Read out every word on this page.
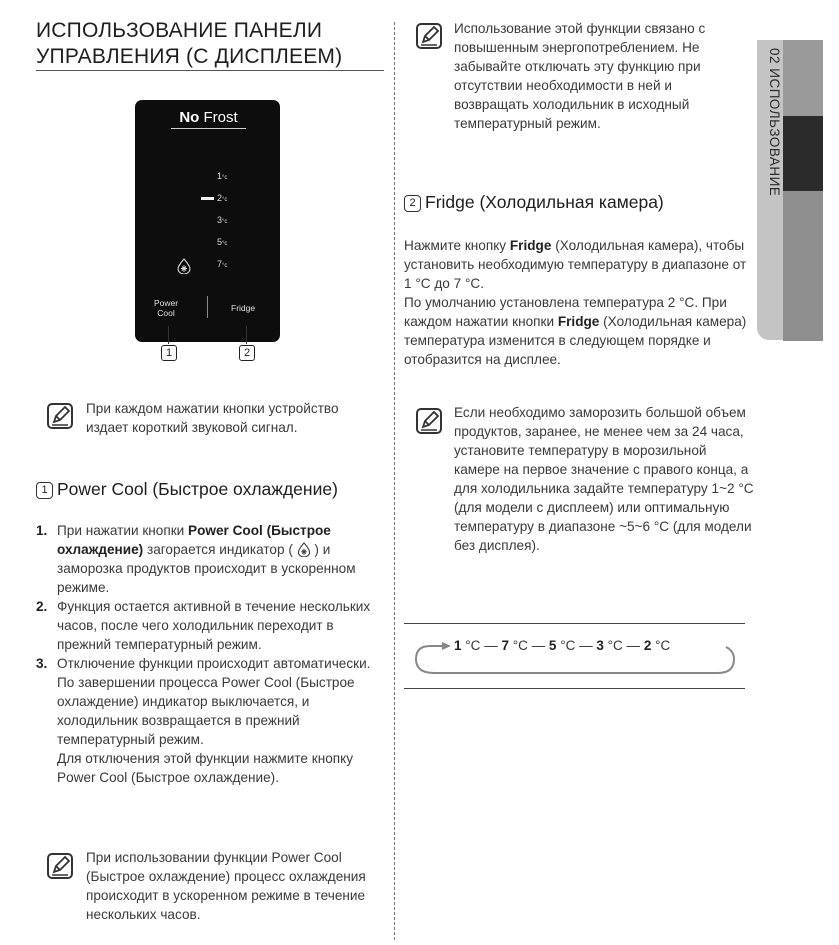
ИСПОЛЬЗОВАНИЕ ПАНЕЛИ УПРАВЛЕНИЯ (С ДИСПЛЕЕМ)
No Frost
1°c
2°c
3°c
5°c
7°c
Power Cool	Fridge
1	2
При каждом нажатии кнопки устройство издает короткий звуковой сигнал.
1 Power Cool (Быстрое охлаждение)
1. При нажатии кнопки Power Cool (Быстрое охлаждение) загорается индикатор (  ) и заморозка продуктов происходит в ускоренном режиме.
2. Функция остается активной в течение нескольких часов, после чего холодильник переходит в прежний температурный режим.
3. Отключение функции происходит автоматически.
По завершении процесса Power Cool (Быстрое охлаждение) индикатор выключается, и холодильник возвращается в прежний температурный режим.
Для отключения этой функции нажмите кнопку Power Cool (Быстрое охлаждение).
При использовании функции Power Cool (Быстрое охлаждение) процесс охлаждения происходит в ускоренном режиме в течение нескольких часов.
Использование этой функции связано с повышенным энергопотреблением. Не забывайте отключать эту функцию при отсутствии необходимости в ней и возвращать холодильник в исходный температурный режим.
2 Fridge (Холодильная камера)
Нажмите кнопку Fridge (Холодильная камера), чтобы установить необходимую температуру в диапазоне от 1 °C до 7 °C.
По умолчанию установлена температура 2 °C. При каждом нажатии кнопки Fridge (Холодильная камера) температура изменится в следующем порядке и отобразится на дисплее.
Если необходимо заморозить большой объем продуктов, заранее, не менее чем за 24 часа, установите температуру в морозильной камере на первое значение с правого конца, а для холодильника задайте температуру 1~2 °C (для модели с дисплеем) или оптимальную температуру в диапазоне ~5~6 °C (для модели без дисплея).
1 °C — 7 °C — 5 °C — 3 °C — 2 °C
02 ИСПОЛЬЗОВАНИЕ
